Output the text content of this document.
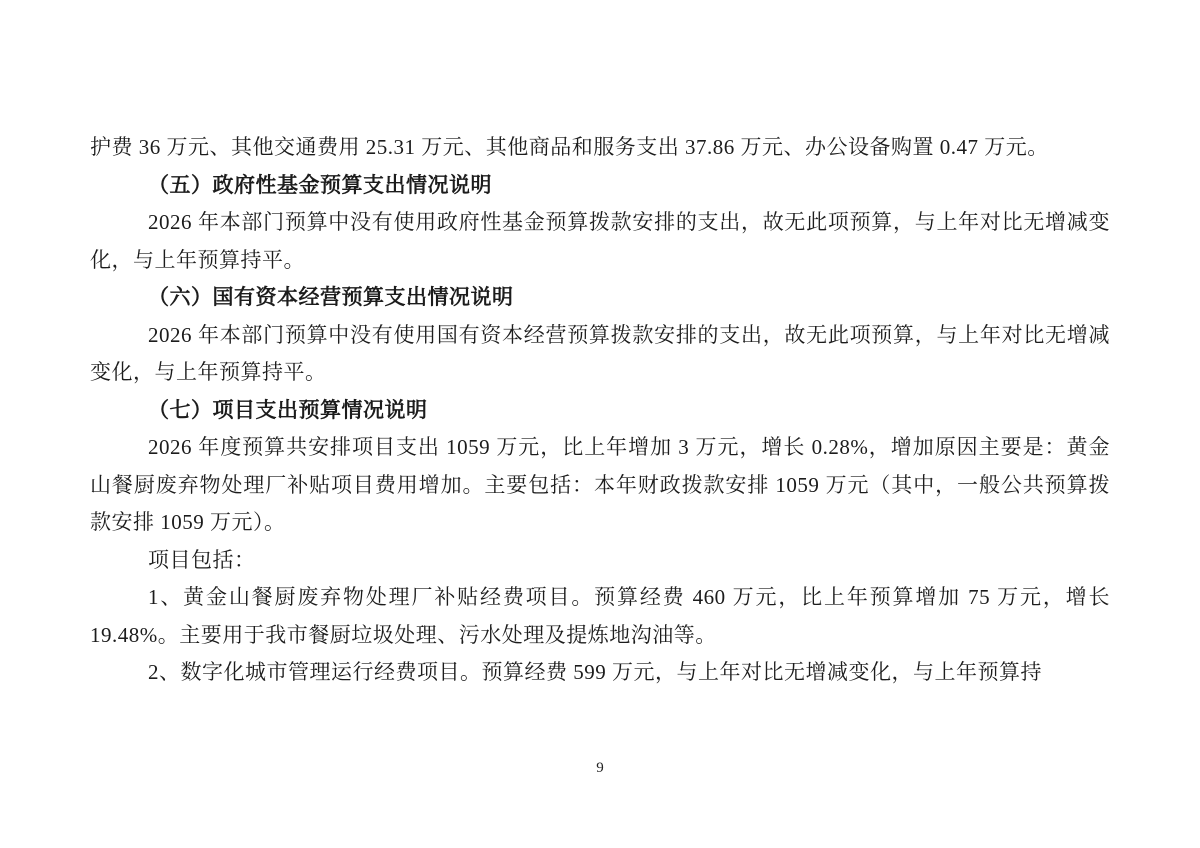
护费 36 万元、其他交通费用 25.31 万元、其他商品和服务支出 37.86 万元、办公设备购置 0.47 万元。

（五）政府性基金预算支出情况说明

2026 年本部门预算中没有使用政府性基金预算拨款安排的支出，故无此项预算，与上年对比无增减变化，与上年预算持平。

（六）国有资本经营预算支出情况说明

2026 年本部门预算中没有使用国有资本经营预算拨款安排的支出，故无此项预算，与上年对比无增减变化，与上年预算持平。

（七）项目支出预算情况说明

2026 年度预算共安排项目支出 1059 万元，比上年增加 3 万元，增长 0.28%，增加原因主要是：黄金山餐厨废弃物处理厂补贴项目费用增加。主要包括：本年财政拨款安排 1059 万元（其中，一般公共预算拨款安排 1059 万元）。

项目包括：

1、黄金山餐厨废弃物处理厂补贴经费项目。预算经费 460 万元，比上年预算增加 75 万元，增长 19.48%。主要用于我市餐厨垃圾处理、污水处理及提炼地沟油等。

2、数字化城市管理运行经费项目。预算经费 599 万元，与上年对比无增减变化，与上年预算持

9
